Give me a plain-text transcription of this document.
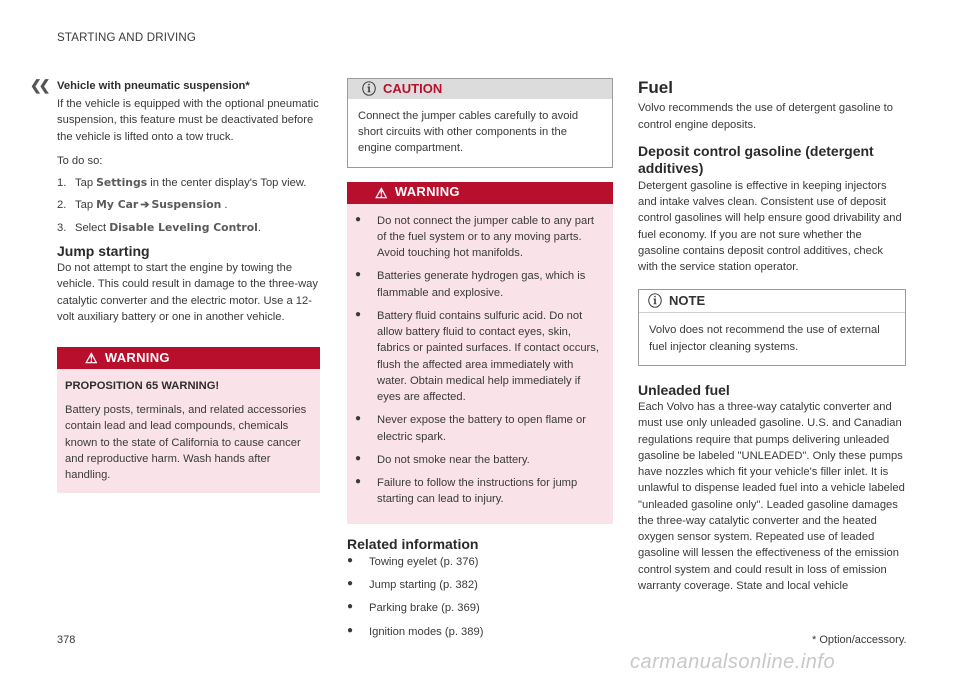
STARTING AND DRIVING
❮❮ Vehicle with pneumatic suspension*

If the vehicle is equipped with the optional pneumatic suspension, this feature must be deactivated before the vehicle is lifted onto a tow truck.

To do so:

1. Tap Settings in the center display's Top view.
2. Tap My Car ➔ Suspension .
3. Select Disable Leveling Control.
Jump starting

Do not attempt to start the engine by towing the vehicle. This could result in damage to the three-way catalytic converter and the electric motor. Use a 12-volt auxiliary battery or one in another vehicle.

⚠ WARNING

PROPOSITION 65 WARNING!

Battery posts, terminals, and related accessories contain lead and lead compounds, chemicals known to the state of California to cause cancer and reproductive harm. Wash hands after handling.

ⓘ CAUTION

Connect the jumper cables carefully to avoid short circuits with other components in the engine compartment.

⚠ WARNING
●	Do not connect the jumper cable to any part of the fuel system or to any moving parts. Avoid touching hot manifolds.
●	Batteries generate hydrogen gas, which is flammable and explosive.
●	Battery fluid contains sulfuric acid. Do not allow battery fluid to contact eyes, skin, fabrics or painted surfaces. If contact occurs, flush the affected area immediately with water. Obtain medical help immediately if eyes are affected.
●	Never expose the battery to open flame or electric spark.
●	Do not smoke near the battery.
●	Failure to follow the instructions for jump starting can lead to injury.
Related information
●	Towing eyelet (p. 376)
●	Jump starting (p. 382)
●	Parking brake (p. 369)
●	Ignition modes (p. 389)
Fuel

Volvo recommends the use of detergent gasoline to control engine deposits.

Deposit control gasoline (detergent additives)

Detergent gasoline is effective in keeping injectors and intake valves clean. Consistent use of deposit control gasolines will help ensure good drivability and fuel economy. If you are not sure whether the gasoline contains deposit control additives, check with the service station operator.

ⓘ NOTE

Volvo does not recommend the use of external fuel injector cleaning systems.

Unleaded fuel

Each Volvo has a three-way catalytic converter and must use only unleaded gasoline. U.S. and Canadian regulations require that pumps delivering unleaded gasoline be labeled "UNLEADED". Only these pumps have nozzles which fit your vehicle's filler inlet. It is unlawful to dispense leaded fuel into a vehicle labeled "unleaded gasoline only". Leaded gasoline damages the three-way catalytic converter and the heated oxygen sensor system. Repeated use of leaded gasoline will lessen the effectiveness of the emission control system and could result in loss of emission warranty coverage. State and local vehicle

378	* Option/accessory.
carmanualsonline.info
